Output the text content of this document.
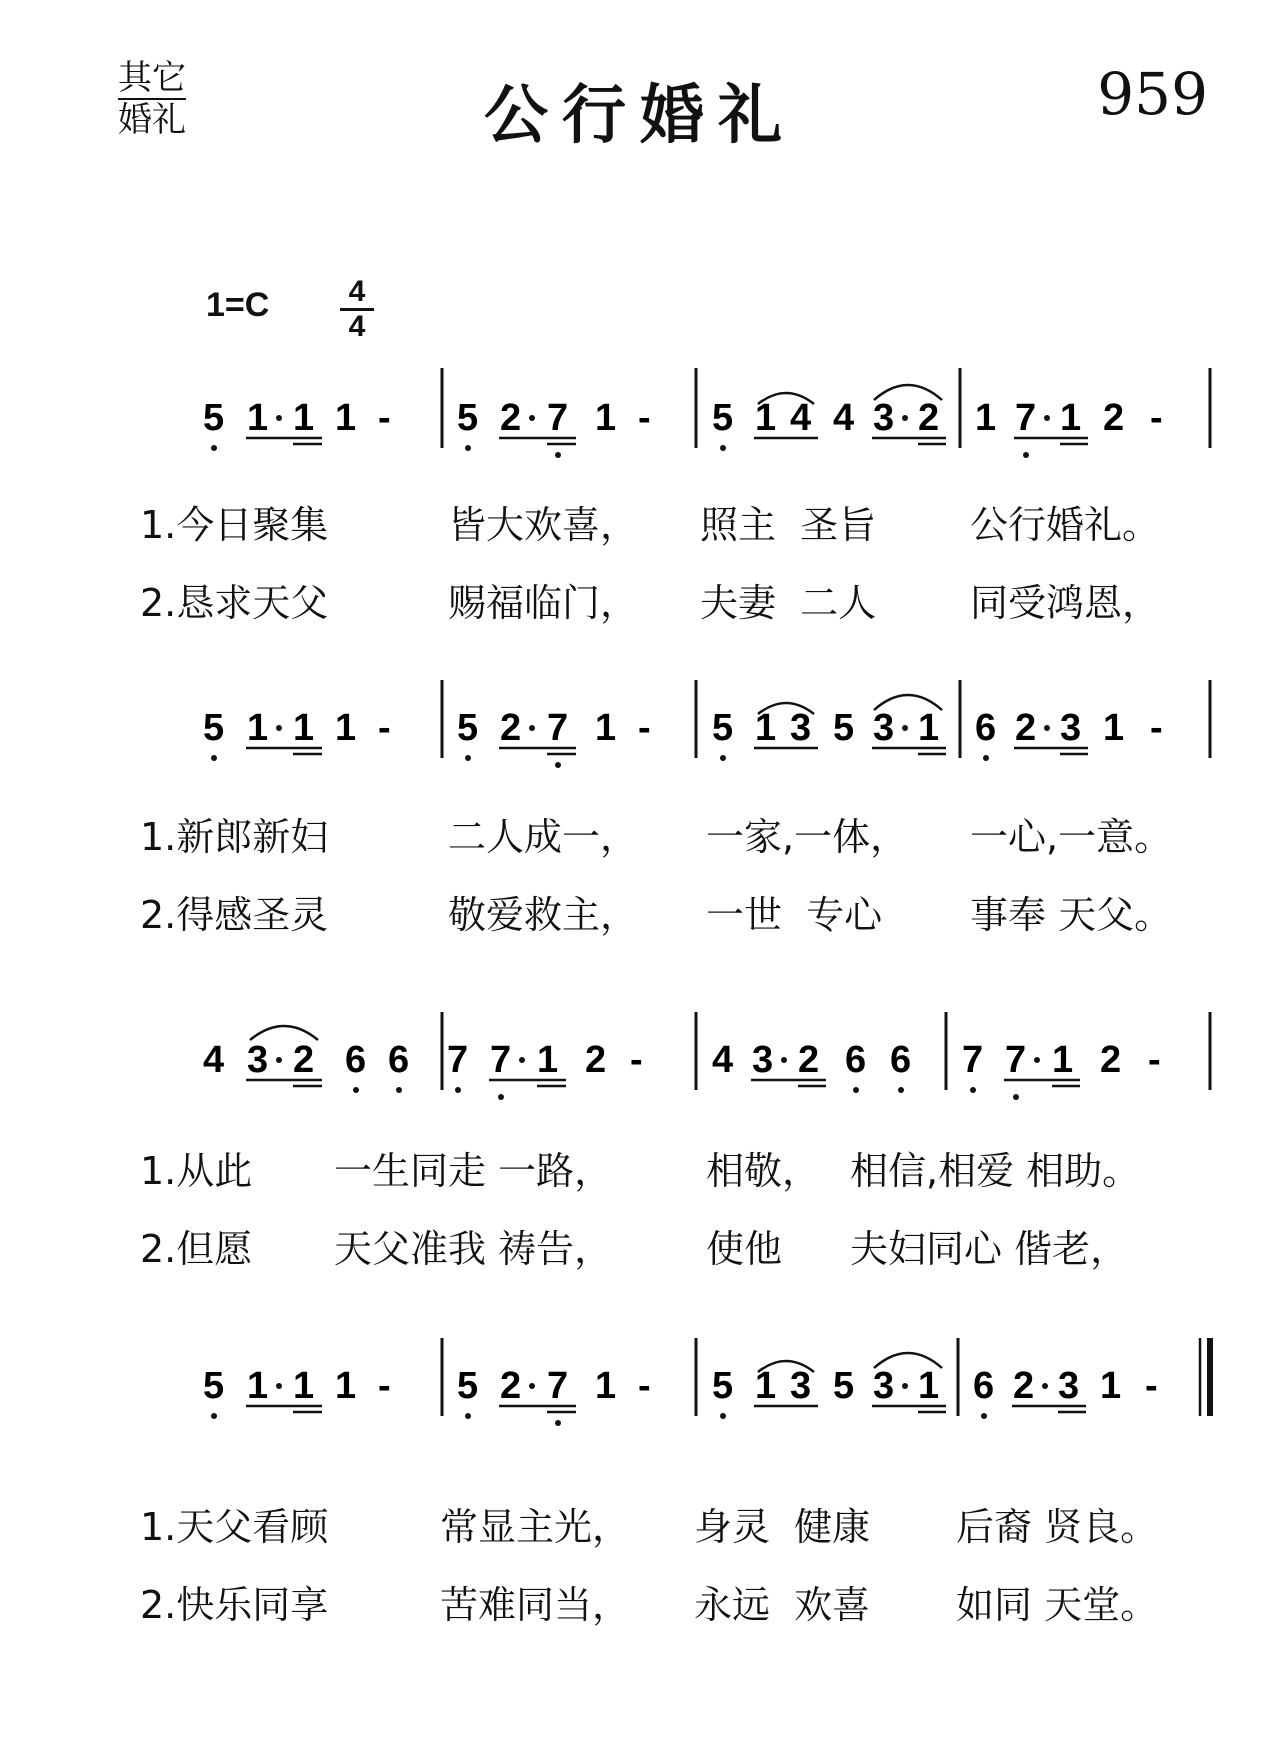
其它
婚礼	公行婚礼	959
$1=C \frac{4}{4}$
5 1 1 1 - 5 2 7 1 - 5 1 4 4 3 2 1 7 1 2 -
5 1 1 1 - 5 2 7 1 - 5 1 3 5 3 1 6 2 3 1 -
4 3 2 6 6 7 7 1 2 - 4 3 2 6 6 7 7 1 2 -
5 1 1 1 - 5 2 7 1 - 5 1 3 5 3 1 6 2 3 1 -
1.今日聚集	皆大欢喜， 照主  圣旨 公行婚礼。
2.恳求天父	赐福临门， 夫妻  二人 同受鸿恩，
1.新郎新妇	二人成一， 一家,一体， 一心,一意。
2.得感圣灵	敬爱救主， 一世  专心 事奉 天父。
1.从此 一生同走 一路， 相敬， 相信,相爱 相助。
2.但愿 天父准我 祷告， 使他 夫妇同心 偕老，
1.天父看顾	常显主光， 身灵  健康 后裔 贤良。
2.快乐同享	苦难同当， 永远  欢喜 如同 天堂。
